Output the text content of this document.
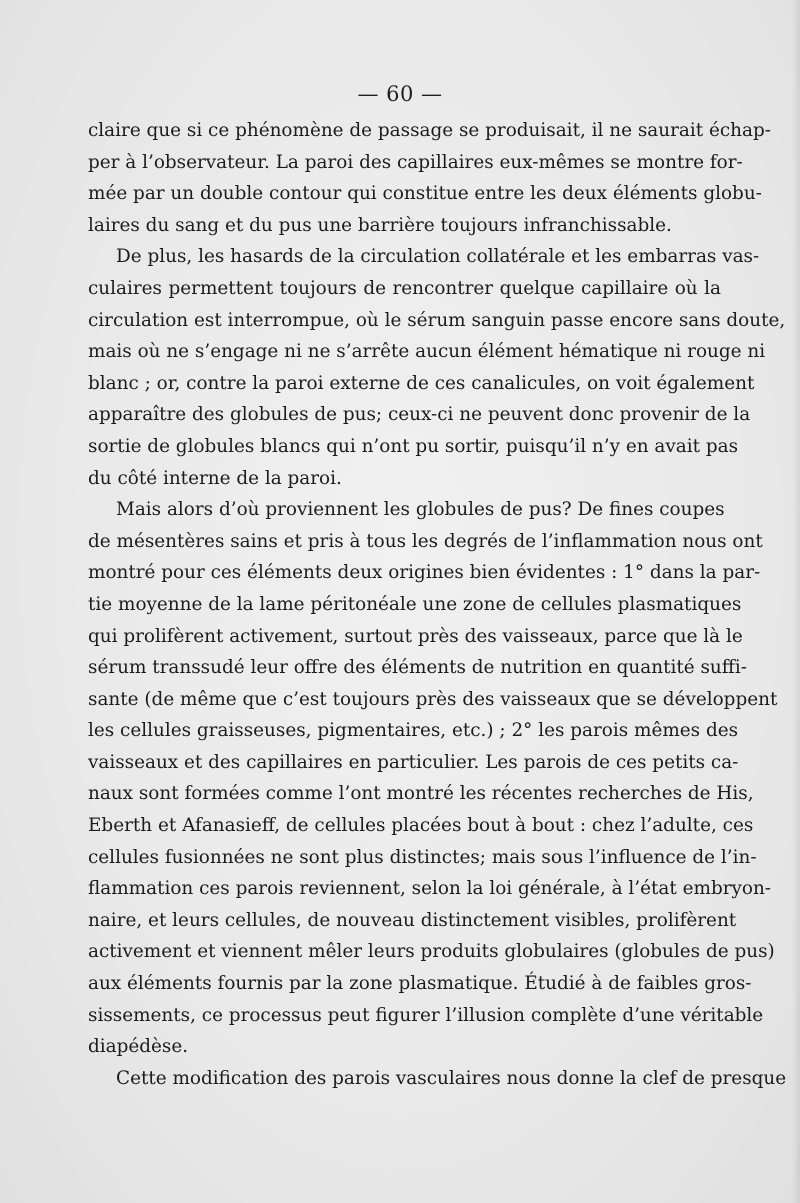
— 60 —
claire que si ce phénomène de passage se produisait, il ne saurait échap-
per à l’observateur. La paroi des capillaires eux-mêmes se montre for-
mée par un double contour qui constitue entre les deux éléments globu-
laires du sang et du pus une barrière toujours infranchissable.
De plus, les hasards de la circulation collatérale et les embarras vas-
culaires permettent toujours de rencontrer quelque capillaire où la
circulation est interrompue, où le sérum sanguin passe encore sans doute,
mais où ne s’engage ni ne s’arrête aucun élément hématique ni rouge ni
blanc ; or, contre la paroi externe de ces canalicules, on voit également
apparaître des globules de pus; ceux-ci ne peuvent donc provenir de la
sortie de globules blancs qui n’ont pu sortir, puisqu’il n’y en avait pas
du côté interne de la paroi.
Mais alors d’où proviennent les globules de pus? De fines coupes
de mésentères sains et pris à tous les degrés de l’inflammation nous ont
montré pour ces éléments deux origines bien évidentes : 1° dans la par-
tie moyenne de la lame péritonéale une zone de cellules plasmatiques
qui prolifèrent activement, surtout près des vaisseaux, parce que là le
sérum transsudé leur offre des éléments de nutrition en quantité suffi-
sante (de même que c’est toujours près des vaisseaux que se développent
les cellules graisseuses, pigmentaires, etc.) ; 2° les parois mêmes des
vaisseaux et des capillaires en particulier. Les parois de ces petits ca-
naux sont formées comme l’ont montré les récentes recherches de His,
Eberth et Afanasieff, de cellules placées bout à bout : chez l’adulte, ces
cellules fusionnées ne sont plus distinctes; mais sous l’influence de l’in-
flammation ces parois reviennent, selon la loi générale, à l’état embryon-
naire, et leurs cellules, de nouveau distinctement visibles, prolifèrent
activement et viennent mêler leurs produits globulaires (globules de pus)
aux éléments fournis par la zone plasmatique. Étudié à de faibles gros-
sissements, ce processus peut figurer l’illusion complète d’une véritable
diapédèse.
Cette modification des parois vasculaires nous donne la clef de presque
